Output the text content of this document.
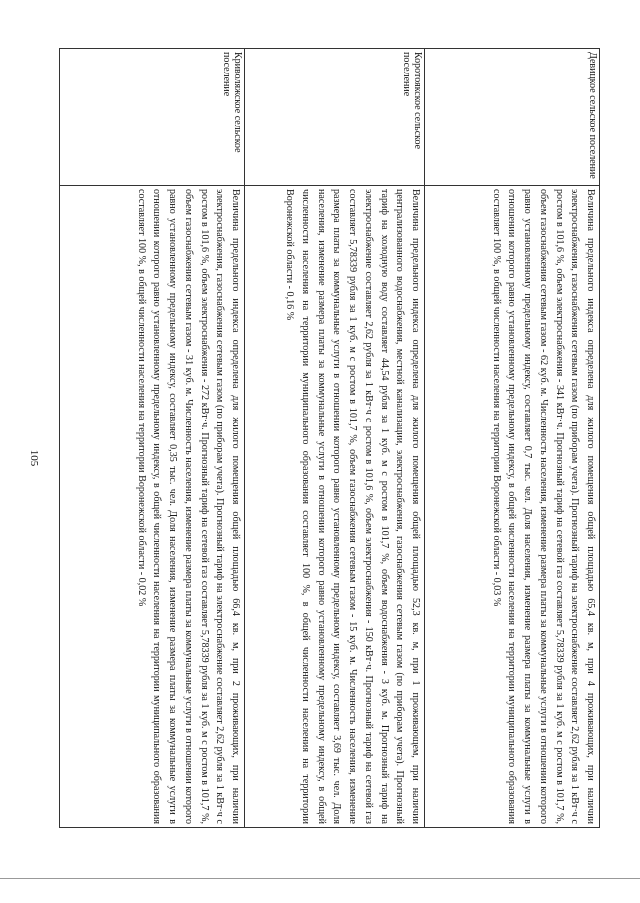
105
Девицкое сельское поселение	Величина предельного индекса определена для жилого помещения общей площадью 65,4 кв. м, при 4 проживающих, при наличии электроснабжения, газоснабжения сетевым газом (по приборам учета). Прогнозный тариф на электроснабжение составляет 2,62 рубля за 1 кВт·ч с ростом в 101,6 %, объем электроснабжения - 341 кВт·ч. Прогнозный тариф на сетевой газ составляет 5,78339 рубля за 1 куб. м с ростом в 101,7 %, объем газоснабжения сетевым газом - 62 куб. м. Численность населения, изменение размера платы за коммунальные услуги в отношении которого равно установленному предельному индексу, составляет 0,7 тыс. чел. Доля населения, изменение размера платы за коммунальные услуги в отношении которого равно установленному предельному индексу, в общей численности населения на территории муниципального образования составляет 100 %, в общей численности населения на территории Воронежской области - 0,03 %
Коротоякское сельское поселение	Величина предельного индекса определена для жилого помещения общей площадью 52,3 кв. м, при 1 проживающем, при наличии централизованного водоснабжения, местной канализации, электроснабжения, газоснабжения сетевым газом (по приборам учета). Прогнозный тариф на холодную воду составляет 44,54 рубля за 1 куб. м с ростом в 101,7 %, объем водоснабжения - 3 куб. м. Прогнозный тариф на электроснабжение составляет 2,62 рубля за 1 кВт·ч с ростом в 101,6 %, объем электроснабжения - 150 кВт·ч. Прогнозный тариф на сетевой газ составляет 5,78339 рубля за 1 куб. м с ростом в 101,7 %, объем газоснабжения сетевым газом - 15 куб. м. Численность населения, изменение размера платы за коммунальные услуги в отношении которого равно установленному предельному индексу, составляет 3,69 тыс. чел. Доля населения, изменение размера платы за коммунальные услуги в отношении которого равно установленному предельному индексу, в общей численности населения на территории муниципального образования составляет 100 %, в общей численности населения на территории Воронежской области - 0,16 %
Криволяжское сельское поселение	Величина предельного индекса определена для жилого помещения общей площадью 66,4 кв. м, при 2 проживающих, при наличии электроснабжения, газоснабжения сетевым газом (по приборам учета). Прогнозный тариф на электроснабжение составляет 2,62 рубля за 1 кВт·ч с ростом в 101,6 %, объем электроснабжения - 272 кВт·ч. Прогнозный тариф на сетевой газ составляет 5,78339 рубля за 1 куб. м с ростом в 101,7 %, объем газоснабжения сетевым газом - 31 куб. м. Численность населения, изменение размера платы за коммунальные услуги в отношении которого равно установленному предельному индексу, составляет 0,35 тыс. чел. Доля населения, изменение размера платы за коммунальные услуги в отношении которого равно установленному предельному индексу, в общей численности населения на территории муниципального образования составляет 100 %, в общей численности населения на территории Воронежской области - 0,02 %
